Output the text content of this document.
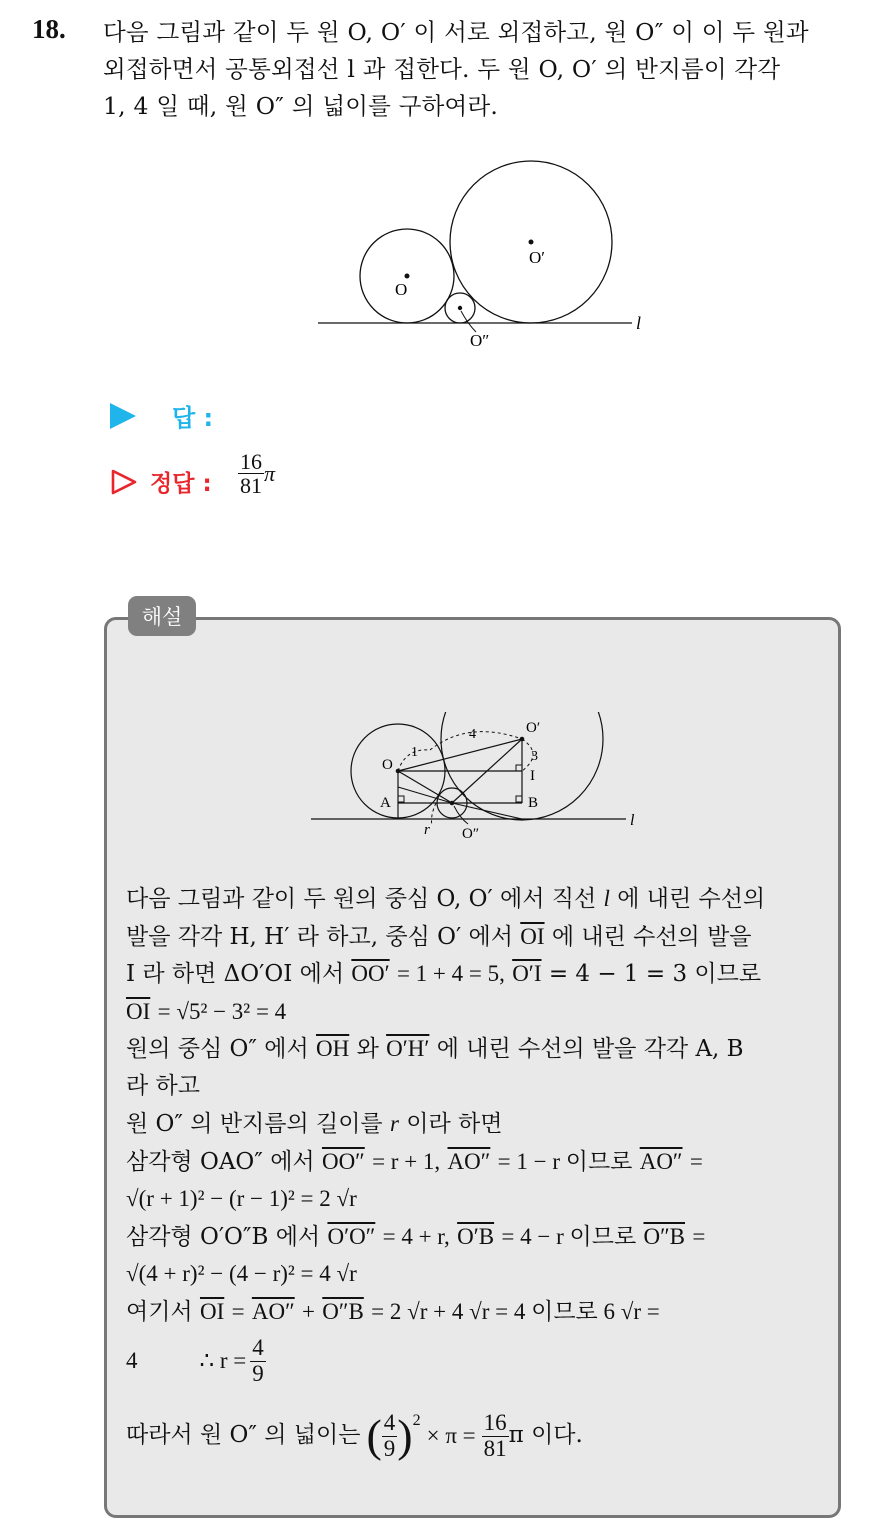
18. 다음 그림과 같이 두 원 O, O′ 이 서로 외접하고, 원 O″ 이 이 두 원과
외접하면서 공통외접선 l 과 접한다. 두 원 O, O′ 의 반지름이 각각
1, 4 일 때, 원 O″ 의 넓이를 구하여라.
O
O′
O″
l
답 :
정답 : $\frac{16}{81}$ π
해설
O
O′
I
A	B
1
4
3
r O″
l
다음 그림과 같이 두 원의 중심 O, O′ 에서 직선 l 에 내린 수선의
발을 각각 H, H′ 라 하고, 중심 O′ 에서 $\overline{OI}$ 에 내린 수선의 발을
I 라 하면 ΔO′OI 에서 OO′ = 1 + 4 = 5, O′I = 4 − 1 = 3 이므로
$\overline{OI} = √5^2 - 3^2 = 4$
원의 중심 O″ 에서 $\overline{OH}$ 와 O′H′ 에 내린 수선의 발을 각각 A, B
라 하고
원 O″ 의 반지름의 길이를 r 이라 하면
삼각형 OAO″ 에서 OO″ = r + 1, AO″ = 1 − r 이므로 AO″ =
√(r + 1)² − (r − 1)² = 2 √r
삼각형 O′O″B 에서 O′O″ = 4 + r, O′B = 4 − r 이므로 O″B =
√(4 + r)² − (4 − r)² = 4 √r
여기서 $\overline{OI} = AO'' + O''B = 2$ √r + 4 √r = 4 이므로 6 √r =
4	∴ $r = \frac{4}{9}$
따라서 원 O″ 의 넓이는 ( $\frac{4}{9} )^2$
× $\pi = \frac{16}{81}$ π 이다.
